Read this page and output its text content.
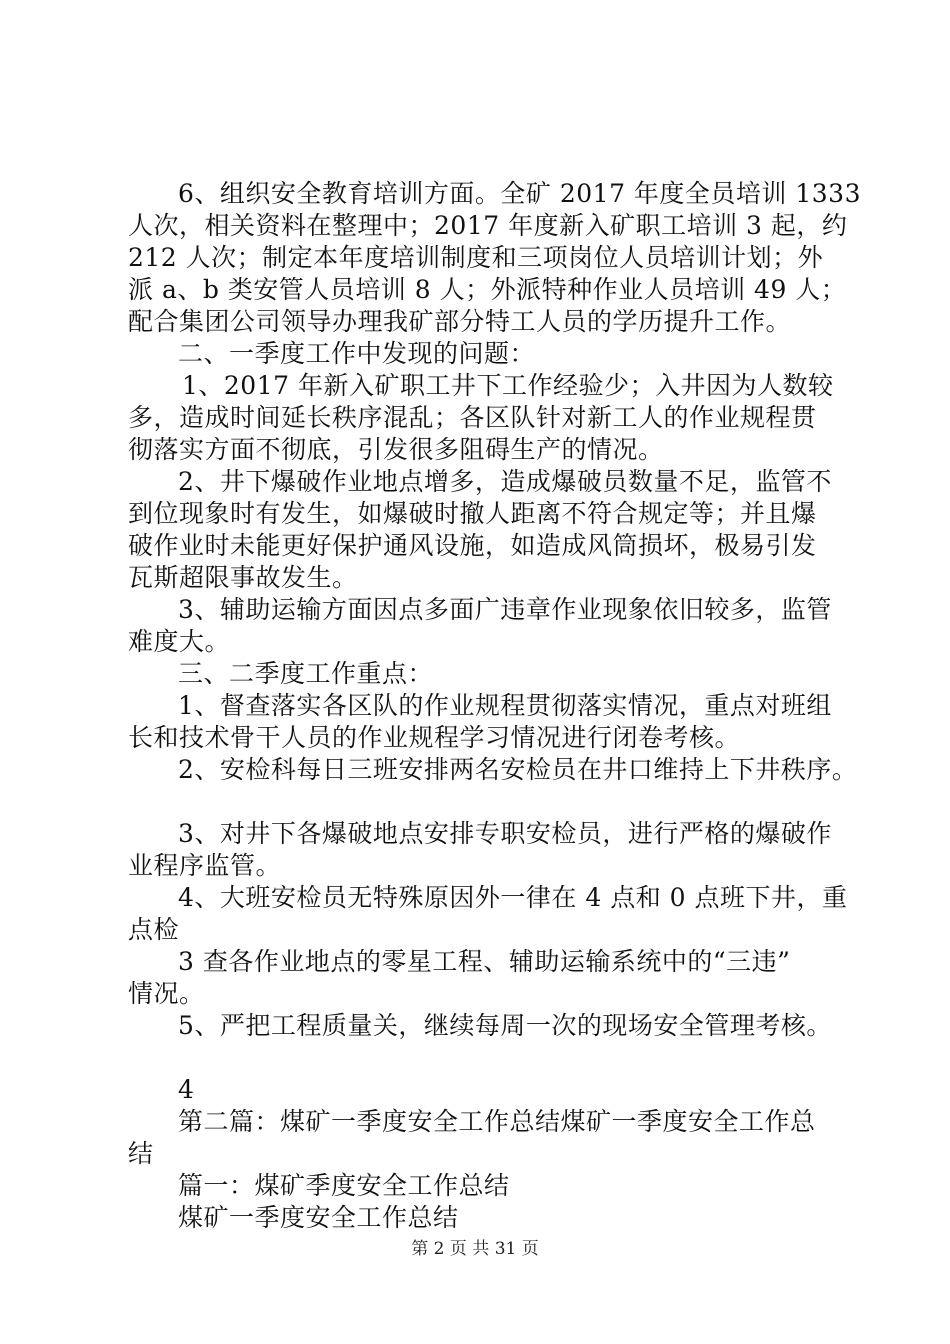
6、组织安全教育培训方面。全矿 2017 年度全员培训 1333
人次，相关资料在整理中；2017 年度新入矿职工培训 3 起，约
212 人次；制定本年度培训制度和三项岗位人员培训计划；外
派 a、b 类安管人员培训 8 人；外派特种作业人员培训 49 人；
配合集团公司领导办理我矿部分特工人员的学历提升工作。
二、一季度工作中发现的问题：
1、2017 年新入矿职工井下工作经验少；入井因为人数较
多，造成时间延长秩序混乱；各区队针对新工人的作业规程贯
彻落实方面不彻底，引发很多阻碍生产的情况。
2、井下爆破作业地点增多，造成爆破员数量不足，监管不
到位现象时有发生，如爆破时撤人距离不符合规定等；并且爆
破作业时未能更好保护通风设施，如造成风筒损坏，极易引发
瓦斯超限事故发生。
3、辅助运输方面因点多面广违章作业现象依旧较多，监管
难度大。
三、二季度工作重点：
1、督查落实各区队的作业规程贯彻落实情况，重点对班组
长和技术骨干人员的作业规程学习情况进行闭卷考核。
2、安检科每日三班安排两名安检员在井口维持上下井秩序。
3、对井下各爆破地点安排专职安检员，进行严格的爆破作
业程序监管。
4、大班安检员无特殊原因外一律在 4 点和 0 点班下井，重
点检
3 查各作业地点的零星工程、辅助运输系统中的“三违”
情况。
5、严把工程质量关，继续每周一次的现场安全管理考核。
4
第二篇：煤矿一季度安全工作总结煤矿一季度安全工作总
结
篇一：煤矿季度安全工作总结
煤矿一季度安全工作总结
第 2 页 共 31 页
